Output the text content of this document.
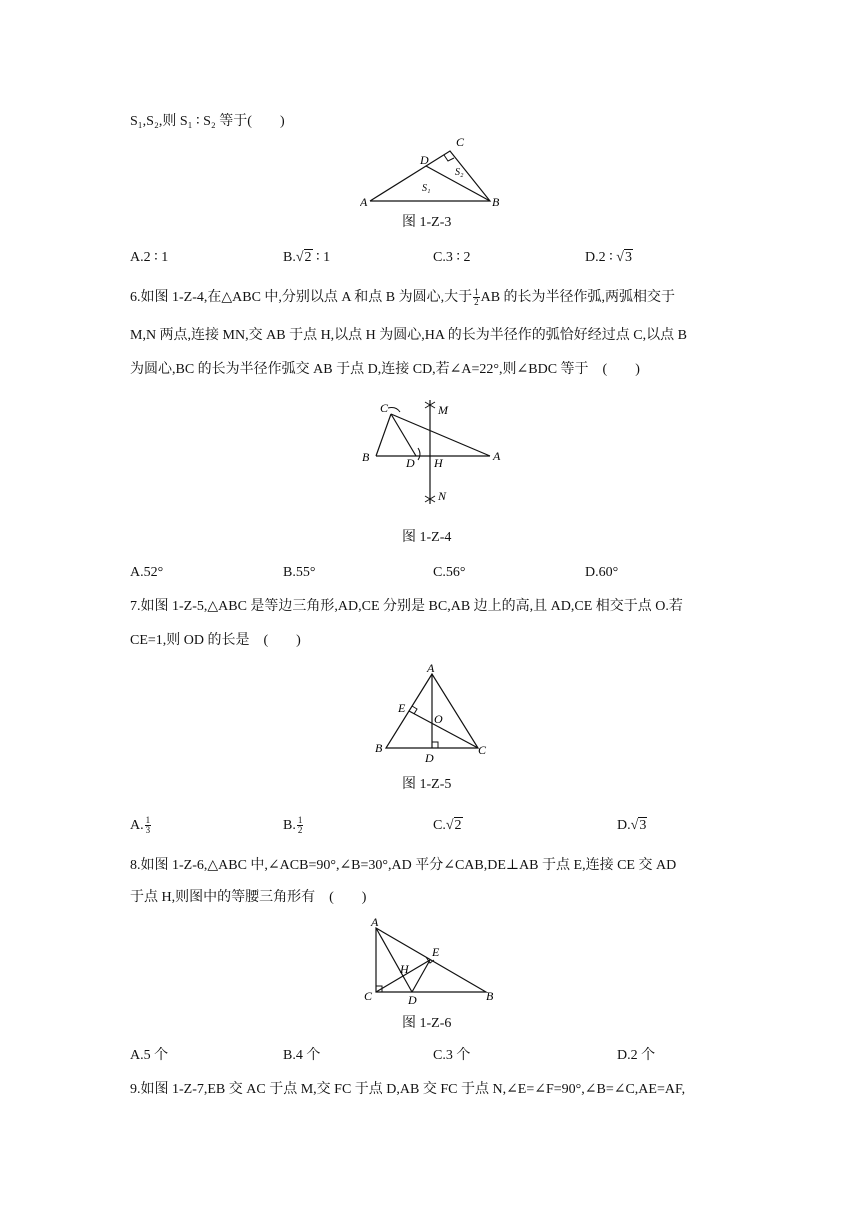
S₁,S₂,则 S₁ ∶ S₂ 等于(　　)
A	B
C
D
S₁
S₂
图 1-Z-3
A.2 ∶ 1	B.√2 ∶ 1	C.3 ∶ 2	D.2 ∶ √3
6.如图 1-Z-4,在△ABC 中,分别以点 A 和点 B 为圆心,大于 $\frac{1}{2}$ AB 的长为半径作弧,两弧相交于
M,N 两点,连接 MN,交 AB 于点 H,以点 H 为圆心,HA 的长为半径作的弧恰好经过点 C,以点 B
为圆心,BC 的长为半径作弧交 AB 于点 D,连接 CD,若∠A=22°,则∠BDC 等于　(　　)
A
B
C
D H
M
N
图 1-Z-4
A.52°	B.55°	C.56°	D.60°
7.如图 1-Z-5,△ABC 是等边三角形,AD,CE 分别是 BC,AB 边上的高,且 AD,CE 相交于点 O.若
CE=1,则 OD 的长是　(　　)
A
B	C
D
E
O
图 1-Z-5
A. $\frac{1}{3}$	B. $\frac{1}{2}$	C.√2	D.√3
8.如图 1-Z-6,△ABC 中,∠ACB=90°,∠B=30°,AD 平分∠CAB,DE⊥AB 于点 E,连接 CE 交 AD
于点 H,则图中的等腰三角形有　(　　)
A
B
C	D
E
H
图 1-Z-6
A.5 个	B.4 个	C.3 个	D.2 个
9.如图 1-Z-7,EB 交 AC 于点 M,交 FC 于点 D,AB 交 FC 于点 N,∠E=∠F=90°,∠B=∠C,AE=AF,
